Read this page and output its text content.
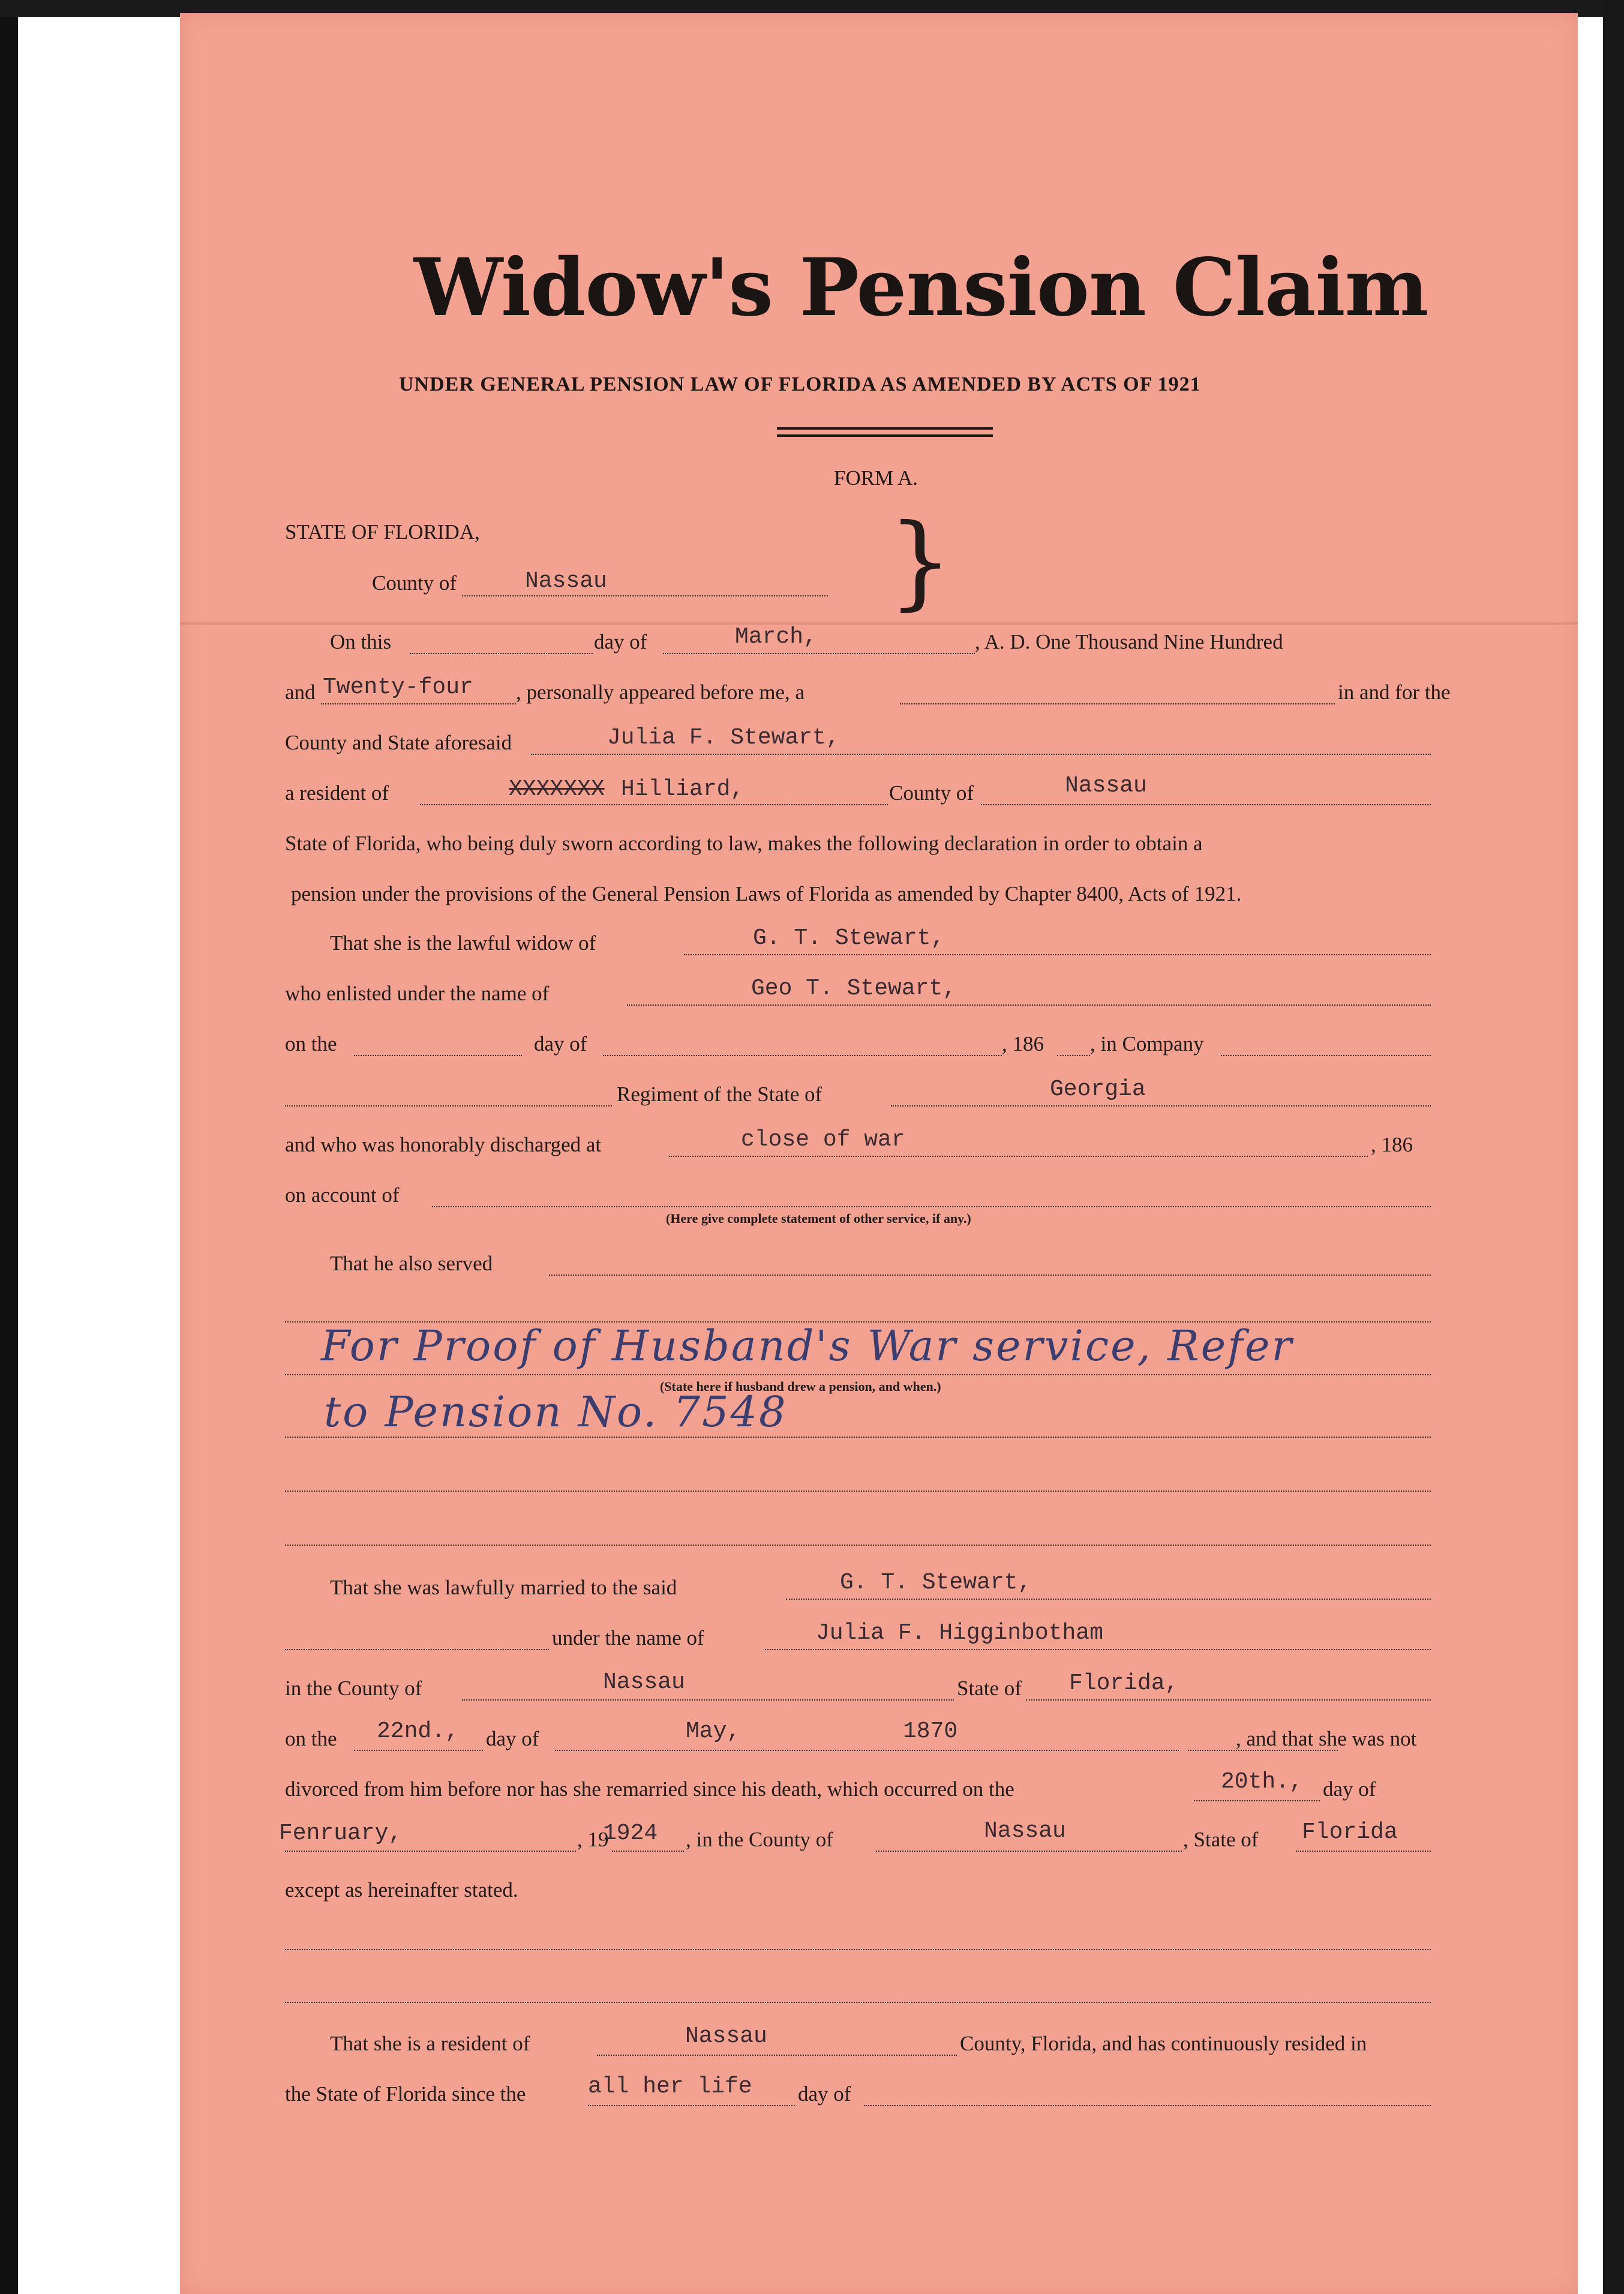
Widow's Pension Claim
UNDER GENERAL PENSION LAW OF FLORIDA AS AMENDED BY ACTS OF 1921
FORM A.
STATE OF FLORIDA,
County of	Nassau	}
On this	day of	March,	, A. D. One Thousand Nine Hundred
and Twenty-four , personally appeared before me, a	in and for the
County and State aforesaid	Julia F. Stewart,
a resident of	XXXXXXX Hilliard,	County of	Nassau
State of Florida, who being duly sworn according to law, makes the following declaration in order to obtain a
pension under the provisions of the General Pension Laws of Florida as amended by Chapter 8400, Acts of 1921.
That she is the lawful widow of	G. T. Stewart,
who enlisted under the name of	Geo T. Stewart,
on the	day of	, 186 , in Company
Regiment of the State of	Georgia
and who was honorably discharged at	close of war	, 186
on account of
(Here give complete statement of other service, if any.)
That he also served
For Proof of Husband's War service, Refer
(State here if husband drew a pension, and when.)
to Pension No. 7548
That she was lawfully married to the said	G. T. Stewart,
under the name of	Julia F. Higginbotham
in the County of	Nassau	State of Florida,
on the 22nd., day of	May,	1870	, and that she was not
divorced from him before nor has she remarried since his death, which occurred on the	20th., day of
Fenruary,	, 19
1924 , in the County of	Nassau	, State of Florida
except as hereinafter stated.
That she is a resident of	Nassau	County, Florida, and has continuously resided in
the State of Florida since the	all her life day of
